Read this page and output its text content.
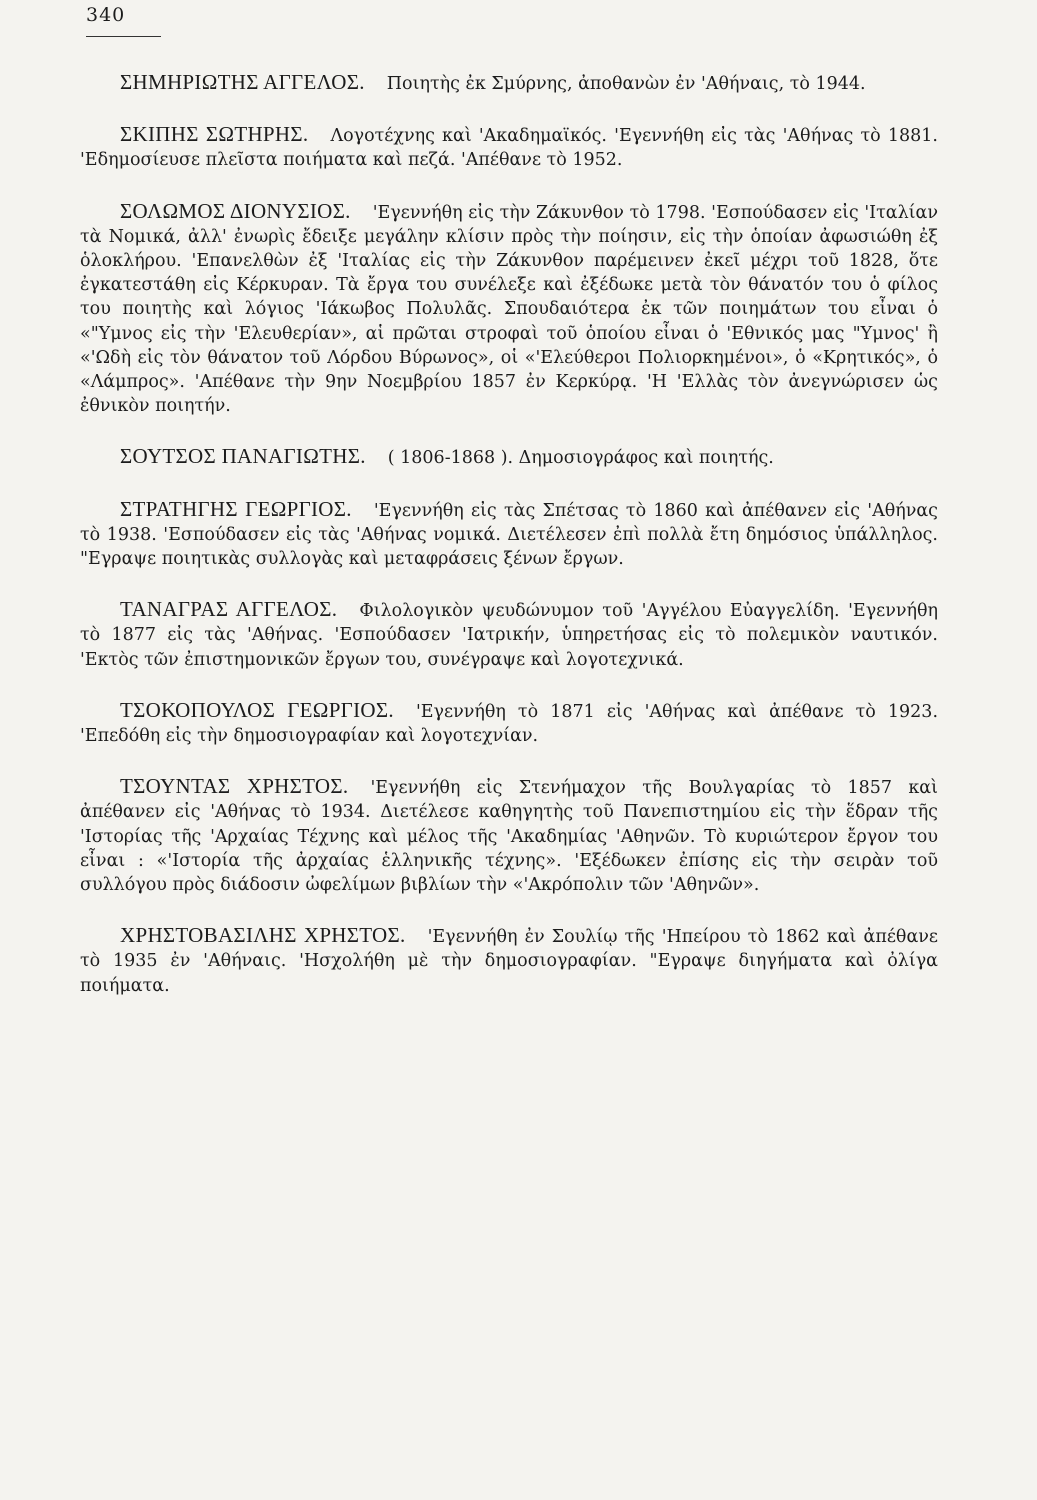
340

ΣΗΜΗΡΙΩΤΗΣ ΑΓΓΕΛΟΣ. Ποιητὴς ἐκ Σμύρνης, ἀποθανὼν ἐν 'Αθήναις, τὸ 1944.

ΣΚΙΠΗΣ ΣΩΤΗΡΗΣ. Λογοτέχνης καὶ 'Ακαδημαϊκός. 'Εγεννήθη εἰς τὰς 'Αθήνας τὸ 1881. 'Εδημοσίευσε πλεῖστα ποιήματα καὶ πεζά. 'Απέθανε τὸ 1952.

ΣΟΛΩΜΟΣ ΔΙΟΝΥΣΙΟΣ. 'Εγεννήθη εἰς τὴν Ζάκυνθον τὸ 1798. 'Εσπούδασεν εἰς 'Ιταλίαν τὰ Νομικά, ἀλλ' ἐνωρὶς ἔδειξε μεγάλην κλίσιν πρὸς τὴν ποίησιν, εἰς τὴν ὁποίαν ἀφωσιώθη ἐξ ὁλοκλήρου. 'Επανελθὼν ἐξ 'Ιταλίας εἰς τὴν Ζάκυνθον παρέμεινεν ἐκεῖ μέχρι τοῦ 1828, ὅτε ἐγκατεστάθη εἰς Κέρκυραν. Τὰ ἔργα του συνέλεξε καὶ ἐξέδωκε μετὰ τὸν θάνατόν του ὁ φίλος του ποιητὴς καὶ λόγιος 'Ιάκωβος Πολυλᾶς. Σπουδαιότερα ἐκ τῶν ποιημάτων του εἶναι ὁ «"Υμνος εἰς τὴν 'Ελευθερίαν», αἱ πρῶται στροφαὶ τοῦ ὁποίου εἶναι ὁ 'Εθνικός μας "Υμνος' ἢ «'Ωδὴ εἰς τὸν θάνατον τοῦ Λόρδου Βύρωνος», οἱ «'Ελεύθεροι Πολιορκημένοι», ὁ «Κρητικός», ὁ «Λάμπρος». 'Απέθανε τὴν 9ην Νοεμβρίου 1857 ἐν Κερκύρᾳ. 'Η 'Ελλὰς τὸν ἀνεγνώρισεν ὡς ἐθνικὸν ποιητήν.

ΣΟΥΤΣΟΣ ΠΑΝΑΓΙΩΤΗΣ. ( 1806-1868 ). Δημοσιογράφος καὶ ποιητής.

ΣΤΡΑΤΗΓΗΣ ΓΕΩΡΓΙΟΣ. 'Εγεννήθη εἰς τὰς Σπέτσας τὸ 1860 καὶ ἀπέθανεν εἰς 'Αθήνας τὸ 1938. 'Εσπούδασεν εἰς τὰς 'Αθήνας νομικά. Διετέλεσεν ἐπὶ πολλὰ ἔτη δημόσιος ὑπάλληλος. "Εγραψε ποιητικὰς συλλογὰς καὶ μεταφράσεις ξένων ἔργων.

ΤΑΝΑΓΡΑΣ ΑΓΓΕΛΟΣ. Φιλολογικὸν ψευδώνυμον τοῦ 'Αγγέλου Εὐαγγελίδη. 'Εγεννήθη τὸ 1877 εἰς τὰς 'Αθήνας. 'Εσπούδασεν 'Ιατρικήν, ὑπηρετήσας εἰς τὸ πολεμικὸν ναυτικόν. 'Εκτὸς τῶν ἐπιστημονικῶν ἔργων του, συνέγραψε καὶ λογοτεχνικά.

ΤΣΟΚΟΠΟΥΛΟΣ ΓΕΩΡΓΙΟΣ. 'Εγεννήθη τὸ 1871 εἰς 'Αθήνας καὶ ἀπέθανε τὸ 1923. 'Επεδόθη εἰς τὴν δημοσιογραφίαν καὶ λογοτεχνίαν.

ΤΣΟΥΝΤΑΣ ΧΡΗΣΤΟΣ. 'Εγεννήθη εἰς Στενήμαχον τῆς Βουλγαρίας τὸ 1857 καὶ ἀπέθανεν εἰς 'Αθήνας τὸ 1934. Διετέλεσε καθηγητὴς τοῦ Πανεπιστημίου εἰς τὴν ἕδραν τῆς 'Ιστορίας τῆς 'Αρχαίας Τέχνης καὶ μέλος τῆς 'Ακαδημίας 'Αθηνῶν. Τὸ κυριώτερον ἔργον του εἶναι : «'Ιστορία τῆς ἀρχαίας ἑλληνικῆς τέχνης». 'Εξέδωκεν ἐπίσης εἰς τὴν σειρὰν τοῦ συλλόγου πρὸς διάδοσιν ὠφελίμων βιβλίων τὴν «'Ακρόπολιν τῶν 'Αθηνῶν».

ΧΡΗΣΤΟΒΑΣΙΛΗΣ ΧΡΗΣΤΟΣ. 'Εγεννήθη ἐν Σουλίῳ τῆς 'Ηπείρου τὸ 1862 καὶ ἀπέθανε τὸ 1935 ἐν 'Αθήναις. 'Ησχολήθη μὲ τὴν δημοσιογραφίαν. "Εγραψε διηγήματα καὶ ὀλίγα ποιήματα.
